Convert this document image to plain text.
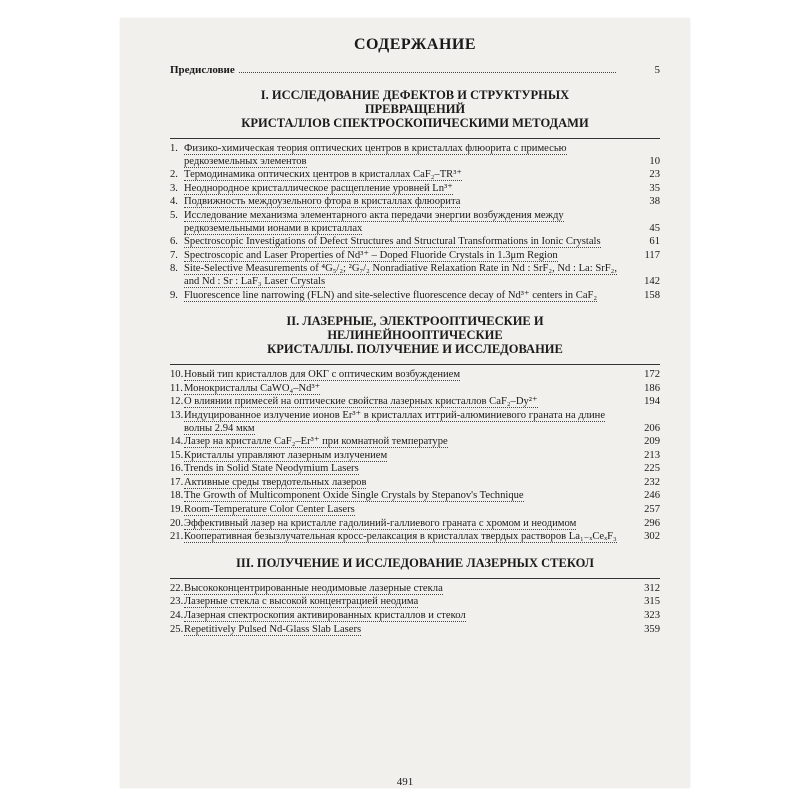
СОДЕРЖАНИЕ
Предисловие	5
I. ИССЛЕДОВАНИЕ ДЕФЕКТОВ И СТРУКТУРНЫХ
ПРЕВРАЩЕНИЙ
КРИСТАЛЛОВ СПЕКТРОСКОПИЧЕСКИМИ МЕТОДАМИ
1. Физико-химическая теория оптических центров в кристаллах флюорита с примесью редкоземельных элементов	10
2. Термодинамика оптических центров в кристаллах CaF₂–TR³⁺	23
3. Неоднородное кристаллическое расщепление уровней Ln³⁺	35
4. Подвижность междоузельного фтора в кристаллах флюорита	38
5. Исследование механизма элементарного акта передачи энергии возбуждения между редкоземельными ионами в кристаллах	45
6. Spectroscopic Investigations of Defect Structures and Structural Transformations in Ionic Crystals	61
7. Spectroscopic and Laser Properties of Nd³⁺ – Doped Fluoride Crystals in 1.3μm Region	117
8. Site-Selective Measurements of ⁴G₅/₂; ²G₇/₂ Nonradiative Relaxation Rate in Nd : SrF₂, Nd : La: SrF₂, and Nd : Sr : LaF₃ Laser Crystals	142
9. Fluorescence line narrowing (FLN) and site-selective fluorescence decay of Nd³⁺ centers in CaF₂	158
II. ЛАЗЕРНЫЕ, ЭЛЕКТРООПТИЧЕСКИЕ И
НЕЛИНЕЙНООПТИЧЕСКИЕ
КРИСТАЛЛЫ. ПОЛУЧЕНИЕ И ИССЛЕДОВАНИЕ
10.Новый тип кристаллов для ОКГ с оптическим возбуждением	172
11.Монокристаллы CaWO₄–Nd³⁺	186
12.О влиянии примесей на оптические свойства лазерных кристаллов CaF₂–Dy²⁺	194
13.Индуцированное излучение ионов Er³⁺ в кристаллах иттрий-алюминиевого граната на длине волны 2.94 мкм	206
14.Лазер на кристалле CaF₂–Er³⁺ при комнатной температуре	209
15.Кристаллы управляют лазерным излучением	213
16.Trends in Solid State Neodymium Lasers	225
17.Активные среды твердотельных лазеров	232
18.The Growth of Multicomponent Oxide Single Crystals by Stepanov's Technique	246
19.Room-Temperature Color Center Lasers	257
20.Эффективный лазер на кристалле гадолиний-галлиевого граната с хромом и неодимом	296
21.Кооперативная безызлучательная кросс-релаксация в кристаллах твердых растворов La₁₋ₓCeₓF₃	302
III. ПОЛУЧЕНИЕ И ИССЛЕДОВАНИЕ ЛАЗЕРНЫХ СТЕКОЛ
22.Высококонцентрированные неодимовые лазерные стекла	312
23.Лазерные стекла с высокой концентрацией неодима	315
24.Лазерная спектроскопия активированных кристаллов и стекол	323
25.Repetitively Pulsed Nd-Glass Slab Lasers	359
491
